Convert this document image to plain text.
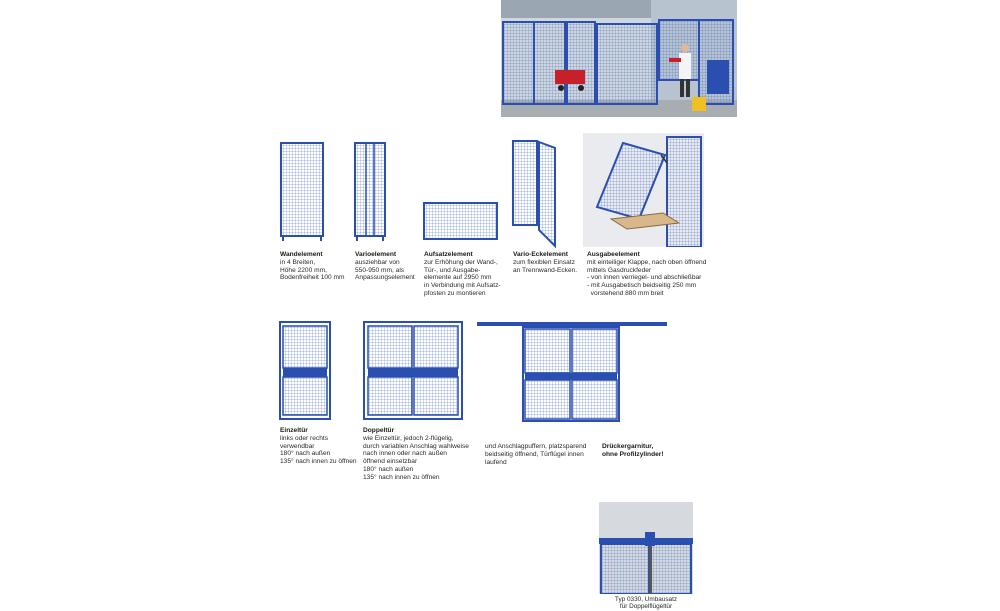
Wandelement
in 4 Breiten,
Höhe 2200 mm,
Bodenfreiheit 100 mm
Varioelement
ausziehbar von
550-950 mm, als
Anpassungselement
Aufsatzelement
zur Erhöhung der Wand-,
Tür-, und Ausgabe-
elemente auf 2950 mm
in Verbindung mit Aufsatz-
pfosten zu montieren
Vario-Eckelement
zum flexiblen Einsatz
an Trennwand-Ecken.
Ausgabeelement
mit einteiliger Klappe, nach oben öffnend
mittels Gasdruckfeder
- von innen verriegel- und abschließbar
- mit Ausgabetisch beidseitig 250 mm
vorstehend 880 mm breit
Einzeltür
links oder rechts
verwendbar
180° nach außen
135° nach innen zu öffnen
Doppeltür
wie Einzeltür, jedoch 2-flügelig,
durch variablen Anschlag wahlweise
nach innen oder nach außen
öffnend einsetzbar
180° nach außen
135° nach innen zu öffnen
und Anschlagpuffern, platzsparend
beidseitig öffnend, Türflügel innen
laufend
Drückergarnitur,
ohne Profilzylinder!
Typ 0330, Umbausatz
für Doppelflügeltür
